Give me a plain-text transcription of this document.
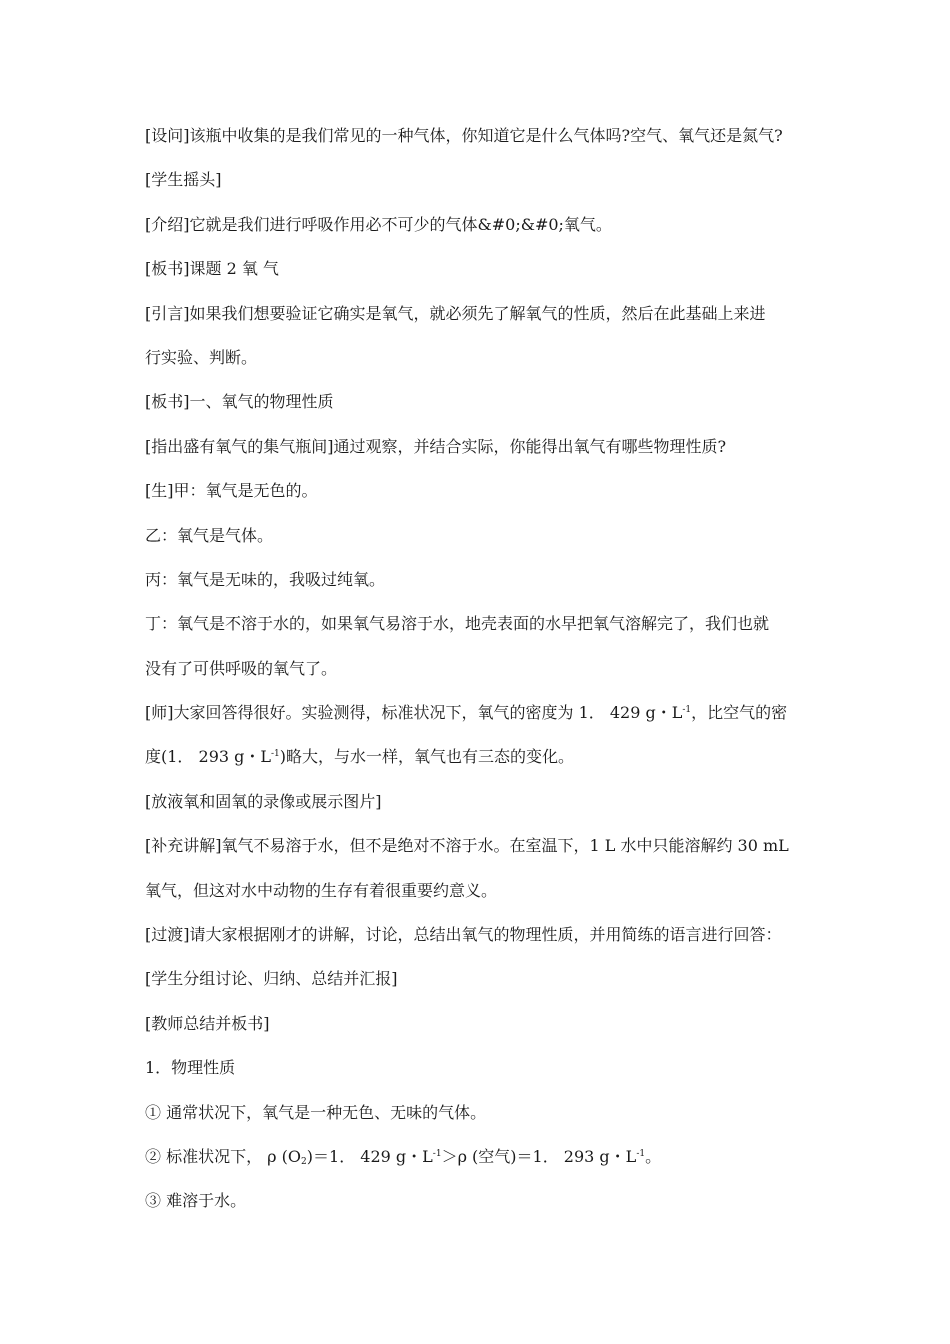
[设问]该瓶中收集的是我们常见的一种气体，你知道它是什么气体吗?空气、氧气还是氮气?
[学生摇头]
[介绍]它就是我们进行呼吸作用必不可少的气体&#0;&#0;氧气。
[板书]课题 2 氧 气
[引言]如果我们想要验证它确实是氧气，就必须先了解氧气的性质，然后在此基础上来进
行实验、判断。
[板书]一、氧气的物理性质
[指出盛有氧气的集气瓶间]通过观察，并结合实际，你能得出氧气有哪些物理性质?
[生]甲：氧气是无色的。
乙：氧气是气体。
丙：氧气是无味的，我吸过纯氧。
丁：氧气是不溶于水的，如果氧气易溶于水，地壳表面的水早把氧气溶解完了，我们也就
没有了可供呼吸的氧气了。
[师]大家回答得很好。实验测得，标准状况下，氧气的密度为 1． 429 g・$L^{-1}$，比空气的密
度(1． 293 g・$L^{-1}$)略大，与水一样，氧气也有三态的变化。
[放液氧和固氧的录像或展示图片]
[补充讲解]氧气不易溶于水，但不是绝对不溶于水。在室温下，1 L 水中只能溶解约 30 mL
氧气，但这对水中动物的生存有着很重要约意义。
[过渡]请大家根据刚才的讲解，讨论，总结出氧气的物理性质，并用简练的语言进行回答：
[学生分组讨论、归纳、总结并汇报]
[教师总结并板书]
1．物理性质
① 通常状况下，氧气是一种无色、无味的气体。
② 标准状况下， ρ $(O_2)=1$． 429 g・$L^{-1}>\rho$ (空气)＝1． 293 g・$L^{-1}$。
③ 难溶于水。
